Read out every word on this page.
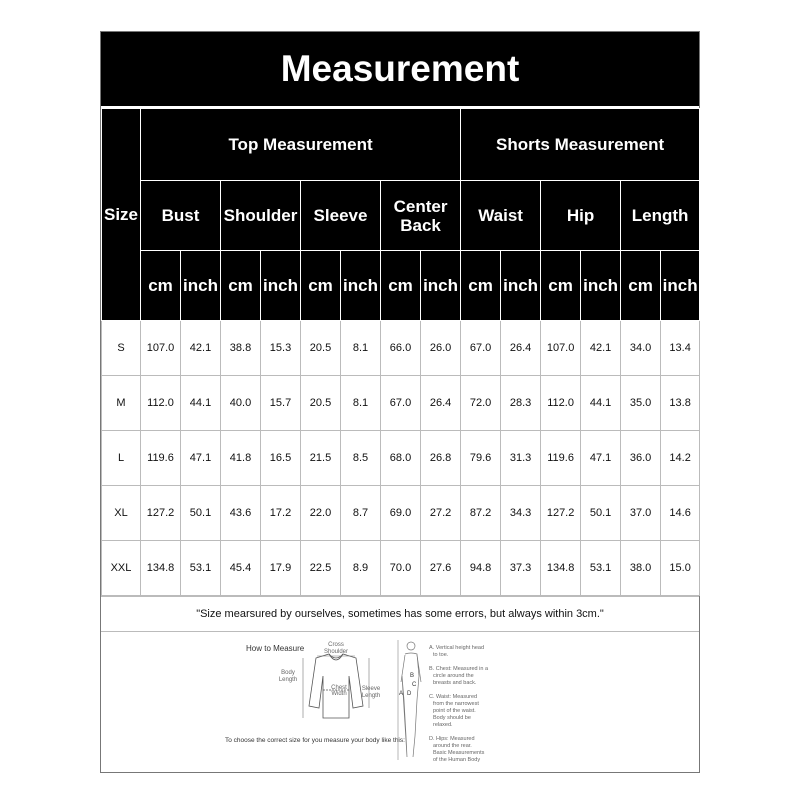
Measurement
Size	Top Measurement								Shorts Measurement					
	Bust		Shoulder		Sleeve		Center Back		Waist		Hip		Length	
	cm	inch	cm	inch	cm	inch	cm	inch	cm	inch	cm	inch	cm	inch
S	107.0	42.1	38.8	15.3	20.5	8.1	66.0	26.0	67.0	26.4	107.0	42.1	34.0	13.4
M	112.0	44.1	40.0	15.7	20.5	8.1	67.0	26.4	72.0	28.3	112.0	44.1	35.0	13.8
L	119.6	47.1	41.8	16.5	21.5	8.5	68.0	26.8	79.6	31.3	119.6	47.1	36.0	14.2
XL	127.2	50.1	43.6	17.2	22.0	8.7	69.0	27.2	87.2	34.3	127.2	50.1	37.0	14.6
XXL	134.8	53.1	45.4	17.9	22.5	8.9	70.0	27.6	94.8	37.3	134.8	53.1	38.0	15.0
"Size mearsured by ourselves, sometimes has some errors, but always within 3cm."
How to Measure	Cross
Shoulder
Body
Length
Chest
Width
Sleeve
Length
To choose the correct size for you measure your body like this:
A
B
C
D
A. Vertical height head
to toe.
B. Chest: Measured in a
circle around the
breasts and back.
C. Waist: Measured
from the narrowest
point of the waist.
Body should be
relaxed.
D. Hips: Measured
around the rear.
Basic Measurements
of the Human Body
